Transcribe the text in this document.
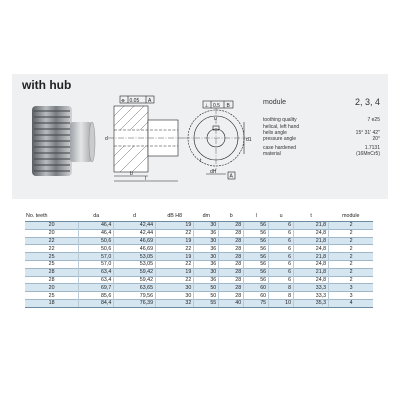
with hub
⌯ 0.05 A
⊥ 0.5 B
b
l
d
u
d1
t
dH
A
module	2, 3, 4
toothing quality	7 e25
helical, left hand
helix angle	15° 31' 42''
pressure angle	20°
case hardened	1.7131
material	(16MnCr5)
No. teeth	da	d	dB H8	dm	b	l	u	t	module
20	46,4	42,44	19	30	28	56	6	21,8	2
20	46,4	42,44	22	36	28	56	6	24,8	2
22	50,6	46,69	19	30	28	56	6	21,8	2
22	50,6	46,69	22	36	28	56	6	24,8	2
25	57,0	53,05	19	30	28	56	6	21,8	2
25	57,0	53,05	22	36	28	56	6	24,8	2
28	63,4	59,42	19	30	28	56	6	21,8	2
28	63,4	59,42	22	36	28	56	6	24,8	2
20	69,7	63,65	30	50	28	60	8	33,3	3
25	85,6	79,56	30	50	28	60	8	33,3	3
18	84,4	76,39	32	55	40	75	10	35,3	4
